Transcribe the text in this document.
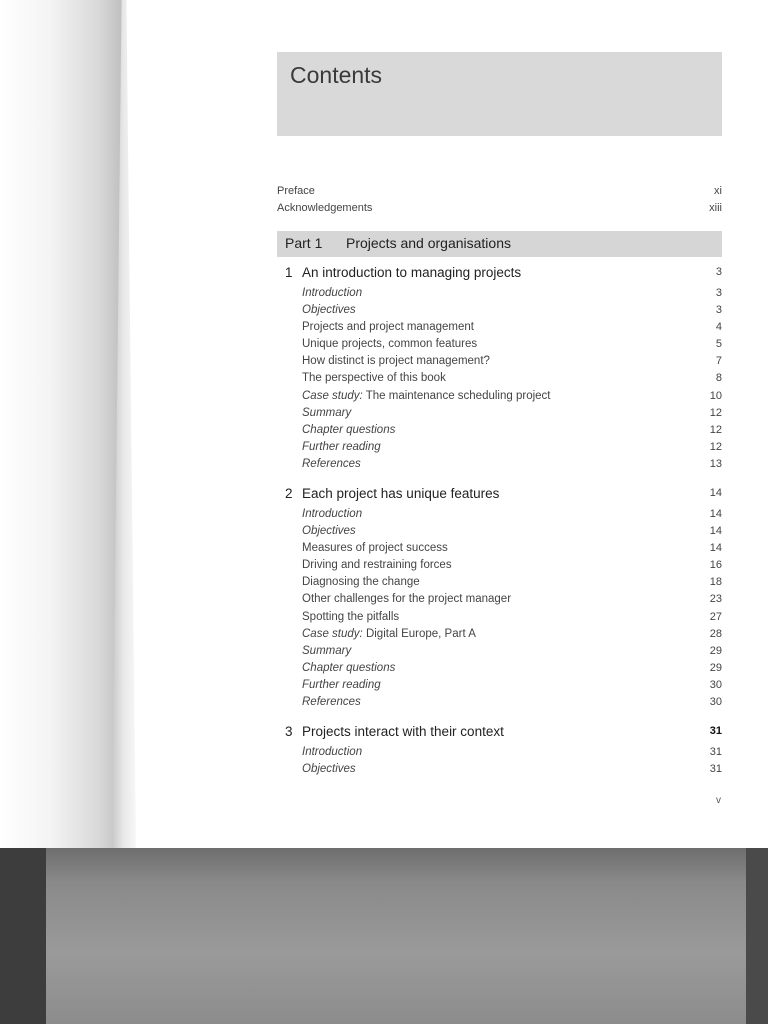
Contents
Preface	xi
Acknowledgements	xiii
Part 1 Projects and organisations
1 An introduction to managing projects	3
Introduction	3
Objectives	3
Projects and project management	4
Unique projects, common features	5
How distinct is project management?	7
The perspective of this book	8
Case study: The maintenance scheduling project	10
Summary	12
Chapter questions	12
Further reading	12
References	13
2 Each project has unique features	14
Introduction	14
Objectives	14
Measures of project success	14
Driving and restraining forces	16
Diagnosing the change	18
Other challenges for the project manager	23
Spotting the pitfalls	27
Case study: Digital Europe, Part A	28
Summary	29
Chapter questions	29
Further reading	30
References	30
3 Projects interact with their context	31
Introduction	31
Objectives	31
v
